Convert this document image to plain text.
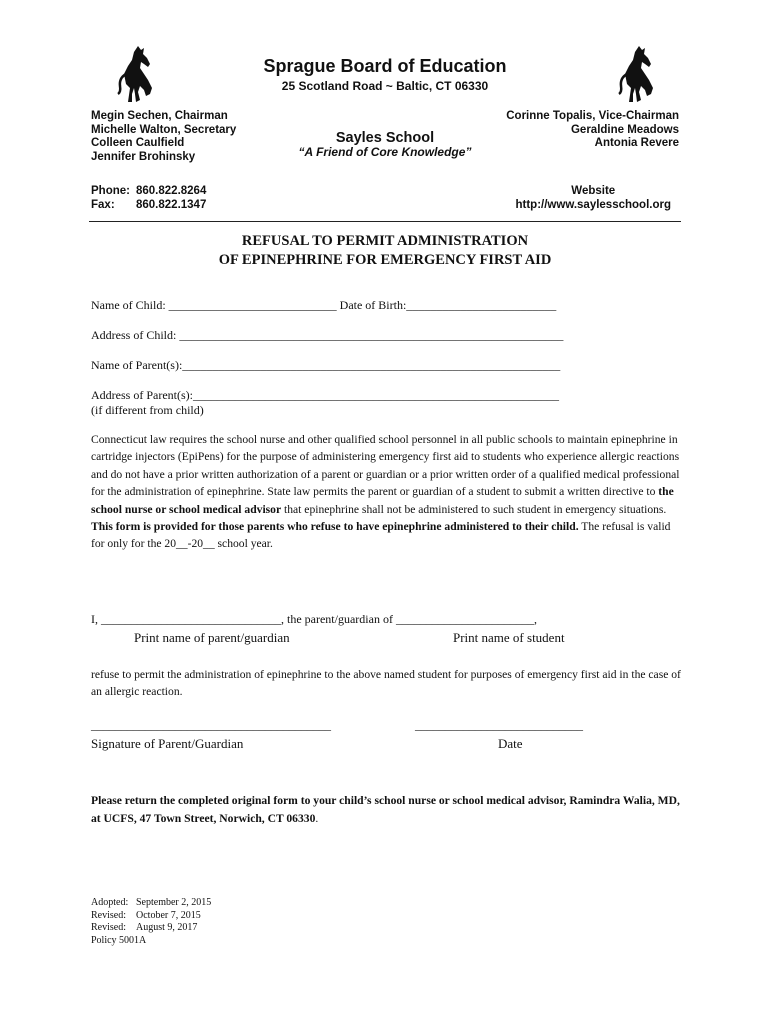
Sprague Board of Education
25 Scotland Road ~ Baltic, CT 06330
Megin Sechen, Chairman
Michelle Walton, Secretary
Colleen Caulfield
Jennifer Brohinsky
Corinne Topalis, Vice-Chairman
Geraldine Meadows
Antonia Revere
Sayles School
“A Friend of Core Knowledge”
Phone: 860.822.8264
Fax: 860.822.1347
Website
http://www.saylesschool.org
REFUSAL TO PERMIT ADMINISTRATION
OF EPINEPHRINE FOR EMERGENCY FIRST AID
Name of Child: ____________________________ Date of Birth:_________________________
Address of Child: ________________________________________________________________
Name of Parent(s):_______________________________________________________________
Address of Parent(s):_____________________________________________________________
(if different from child)
Connecticut law requires the school nurse and other qualified school personnel in all public schools to maintain epinephrine in cartridge injectors (EpiPens) for the purpose of administering emergency first aid to students who experience allergic reactions and do not have a prior written authorization of a parent or guardian or a prior written order of a qualified medical professional for the administration of epinephrine. State law permits the parent or guardian of a student to submit a written directive to the school nurse or school medical advisor that epinephrine shall not be administered to such student in emergency situations. This form is provided for those parents who refuse to have epinephrine administered to their child. The refusal is valid for only for the 20__-20__ school year.
I, ______________________________, the parent/guardian of _______________________,
Print name of parent/guardian	Print name of student
refuse to permit the administration of epinephrine to the above named student for purposes of emergency first aid in the case of an allergic reaction.
________________________________________	____________________________
Signature of Parent/Guardian	Date
Please return the completed original form to your child’s school nurse or school medical advisor, Ramindra Walia, MD, at UCFS, 47 Town Street, Norwich, CT 06330.
Adopted: September 2, 2015
Revised: October 7, 2015
Revised: August 9, 2017
Policy 5001A
